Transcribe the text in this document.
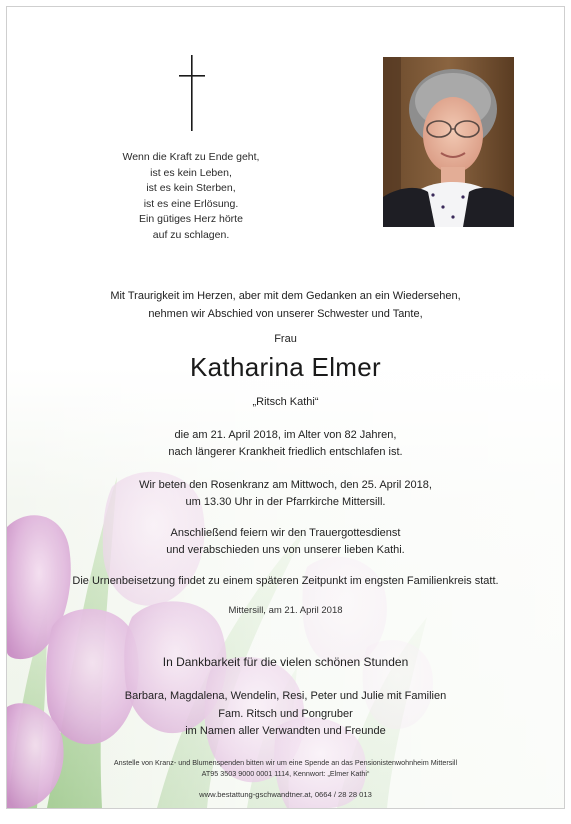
Wenn die Kraft zu Ende geht,
ist es kein Leben,
ist es kein Sterben,
ist es eine Erlösung.
Ein gütiges Herz hörte
auf zu schlagen.
Mit Traurigkeit im Herzen, aber mit dem Gedanken an ein Wiedersehen,
nehmen wir Abschied von unserer Schwester und Tante,
Frau
Katharina Elmer
„Ritsch Kathi“
die am 21. April 2018, im Alter von 82 Jahren,
nach längerer Krankheit friedlich entschlafen ist.
Wir beten den Rosenkranz am Mittwoch, den 25. April 2018,
um 13.30 Uhr in der Pfarrkirche Mittersill.
Anschließend feiern wir den Trauergottesdienst
und verabschieden uns von unserer lieben Kathi.
Die Urnenbeisetzung findet zu einem späteren Zeitpunkt im engsten Familienkreis statt.
Mittersill, am 21. April 2018
In Dankbarkeit für die vielen schönen Stunden
Barbara, Magdalena, Wendelin, Resi, Peter und Julie mit Familien
Fam. Ritsch und Pongruber
im Namen aller Verwandten und Freunde
Anstelle von Kranz- und Blumenspenden bitten wir um eine Spende an das Pensionistenwohnheim Mittersill
AT95 3503 9000 0001 1114, Kennwort: „Elmer Kathi“
www.bestattung-gschwandtner.at, 0664 / 28 28 013
